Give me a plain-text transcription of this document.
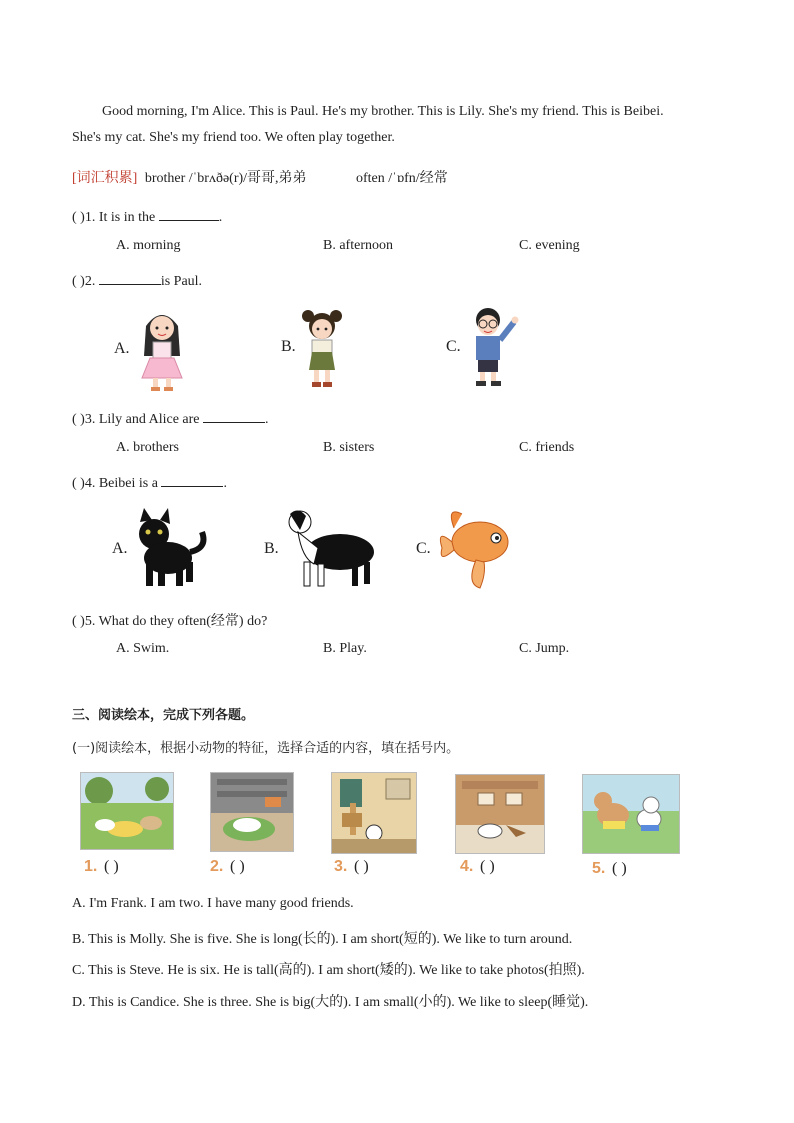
Good morning, I'm Alice. This is Paul. He's my brother. This is Lily. She's my friend. This is Beibei.
She's my cat. She's my friend too. We often play together.
[词汇积累] brother /ˈbrʌðə(r)/哥哥,弟弟	often /ˈɒfn/经常
( )1. It is in the	.
A. morning	B. afternoon	C. evening
( )2.	is Paul.
A.	B.	C.
( )3. Lily and Alice are	.
A. brothers	B. sisters	C. friends
( )4. Beibei is a	.
A.	B.	C.
( )5. What do they often(经常) do?
A. Swim.	B. Play.	C. Jump.
三、阅读绘本，完成下列各题。
(一)阅读绘本，根据小动物的特征，选择合适的内容，填在括号内。
1. ( )	2. ( )	3. ( )	4. ( )	5. ( )
A. I'm Frank. I am two. I have many good friends.
B. This is Molly. She is five. She is long(长的). I am short(短的). We like to turn around.
C. This is Steve. He is six. He is tall(高的). I am short(矮的). We like to take photos(拍照).
D. This is Candice. She is three. She is big(大的). I am small(小的). We like to sleep(睡觉).
